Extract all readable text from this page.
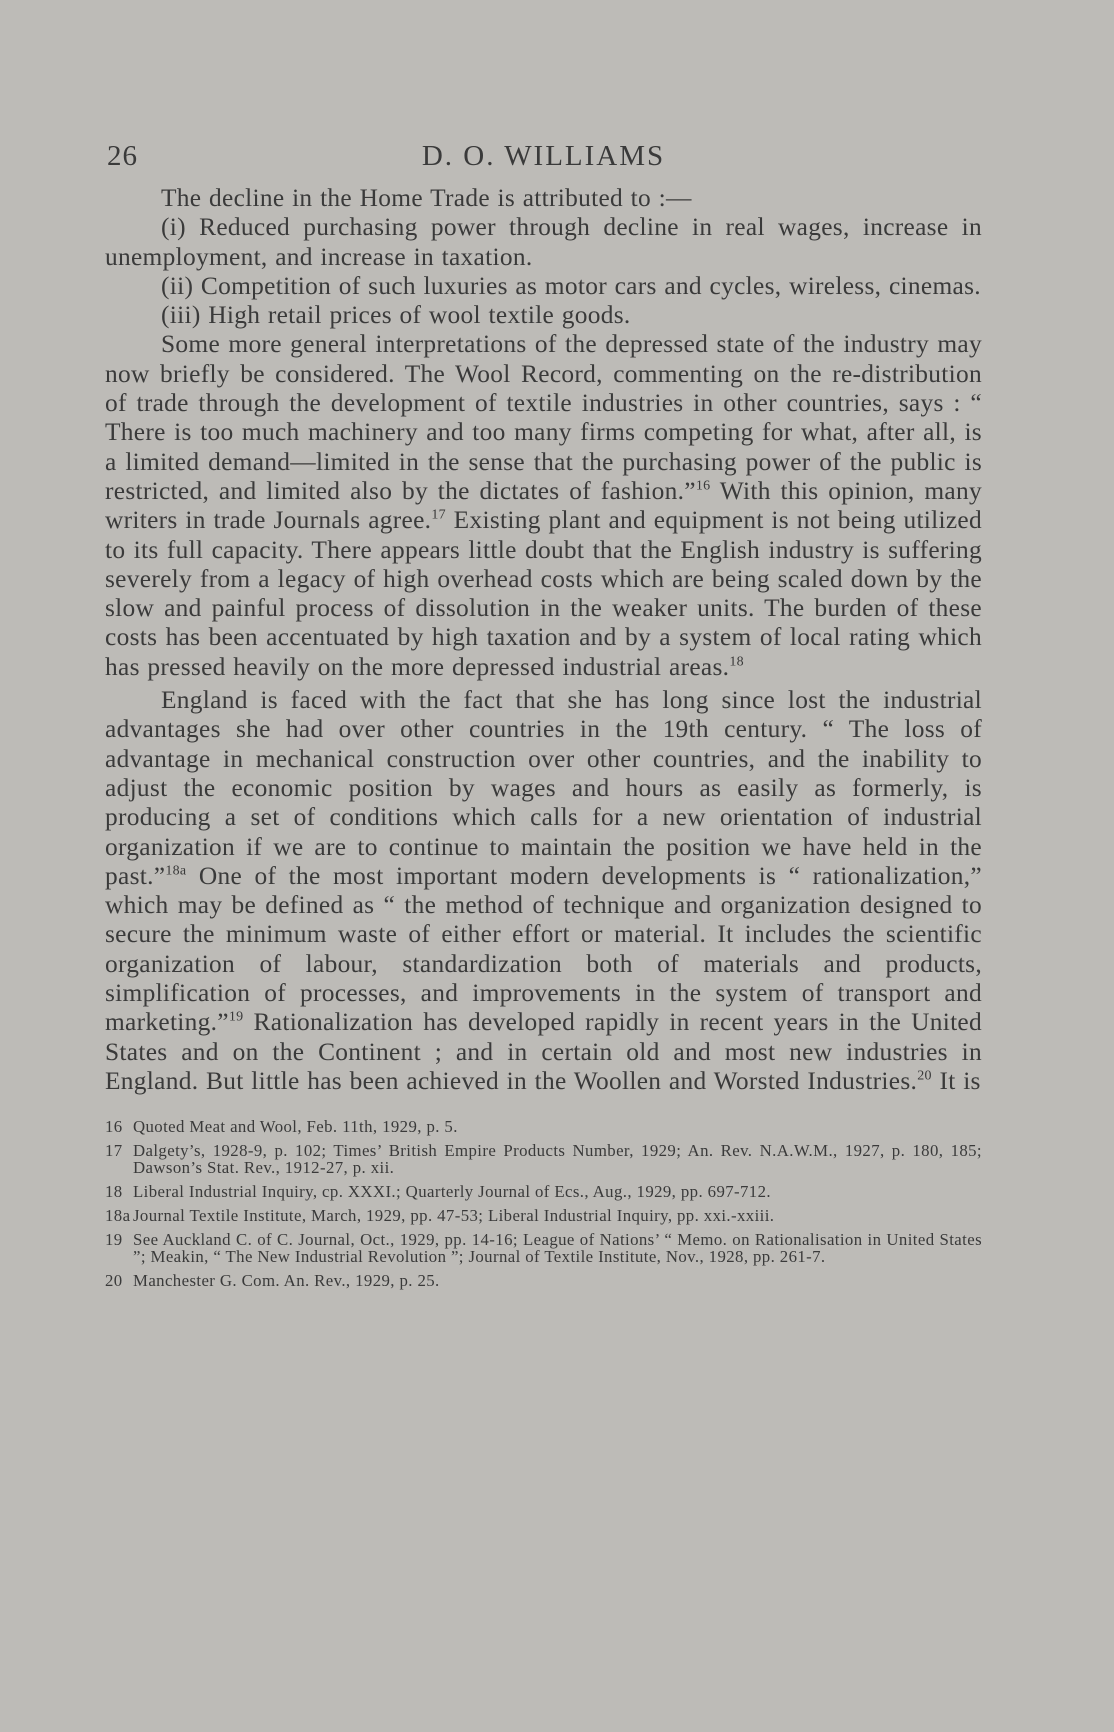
26	D. O. WILLIAMS

The decline in the Home Trade is attributed to :—

(i) Reduced purchasing power through decline in real wages, increase in unemployment, and increase in taxation.

(ii) Competition of such luxuries as motor cars and cycles, wireless, cinemas.

(iii) High retail prices of wool textile goods.

Some more general interpretations of the depressed state of the industry may now briefly be considered. The Wool Record, commenting on the re-distribution of trade through the development of textile industries in other countries, says : “ There is too much machinery and too many firms competing for what, after all, is a limited demand—limited in the sense that the purchasing power of the public is restricted, and limited also by the dictates of fashion.”$^{16}$ With this opinion, many writers in trade Journals agree.$^{17}$ Existing plant and equipment is not being utilized to its full capacity. There appears little doubt that the English industry is suffering severely from a legacy of high overhead costs which are being scaled down by the slow and painful process of dissolution in the weaker units. The burden of these costs has been accentuated by high taxation and by a system of local rating which has pressed heavily on the more depressed industrial areas.$^{18}$

England is faced with the fact that she has long since lost the industrial advantages she had over other countries in the 19th century. “ The loss of advantage in mechanical construction over other countries, and the inability to adjust the economic position by wages and hours as easily as formerly, is producing a set of conditions which calls for a new orientation of industrial organization if we are to continue to maintain the position we have held in the past.”$^{18a}$ One of the most important modern developments is “ rationalization,” which may be defined as “ the method of technique and organization designed to secure the minimum waste of either effort or material. It includes the scientific organization of labour, standardization both of materials and products, simplification of processes, and improvements in the system of transport and marketing.”$^{19}$ Rationalization has developed rapidly in recent years in the United States and on the Continent ; and in certain old and most new industries in England. But little has been achieved in the Woollen and Worsted Industries.$^{20}$ It is

16 Quoted Meat and Wool, Feb. 11th, 1929, p. 5.
17 Dalgety’s, 1928-9, p. 102; Times’ British Empire Products Number, 1929; An. Rev. N.A.W.M., 1927, p. 180, 185; Dawson’s Stat. Rev., 1912-27, p. xii.
18 Liberal Industrial Inquiry, cp. XXXI.; Quarterly Journal of Ecs., Aug., 1929, pp. 697-712.
18a Journal Textile Institute, March, 1929, pp. 47-53; Liberal Industrial Inquiry, pp. xxi.-xxiii.
19 See Auckland C. of C. Journal, Oct., 1929, pp. 14-16; League of Nations’ “ Memo. on Rationalisation in United States ”; Meakin, “ The New Industrial Revolution ”; Journal of Textile Institute, Nov., 1928, pp. 261-7.
20 Manchester G. Com. An. Rev., 1929, p. 25.
